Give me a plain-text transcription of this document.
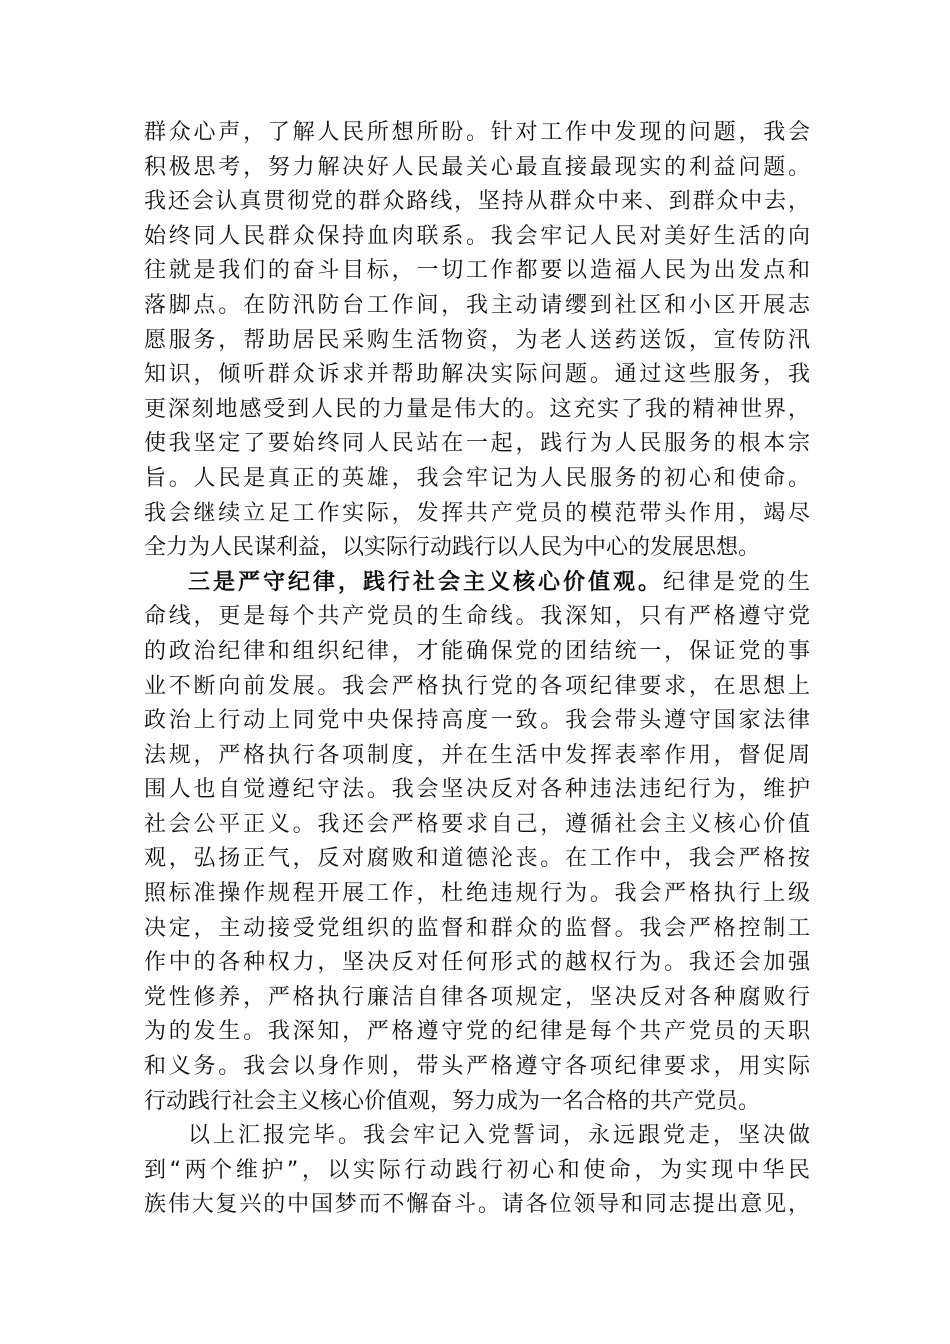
群众心声，了解人民所想所盼。针对工作中发现的问题，我会
积极思考，努力解决好人民最关心最直接最现实的利益问题。
我还会认真贯彻党的群众路线，坚持从群众中来、到群众中去，
始终同人民群众保持血肉联系。我会牢记人民对美好生活的向
往就是我们的奋斗目标，一切工作都要以造福人民为出发点和
落脚点。在防汛防台工作间，我主动请缨到社区和小区开展志
愿服务，帮助居民采购生活物资，为老人送药送饭，宣传防汛
知识，倾听群众诉求并帮助解决实际问题。通过这些服务，我
更深刻地感受到人民的力量是伟大的。这充实了我的精神世界，
使我坚定了要始终同人民站在一起，践行为人民服务的根本宗
旨。人民是真正的英雄，我会牢记为人民服务的初心和使命。
我会继续立足工作实际，发挥共产党员的模范带头作用，竭尽
全力为人民谋利益，以实际行动践行以人民为中心的发展思想。
三是严守纪律，践行社会主义核心价值观。纪律是党的生
命线，更是每个共产党员的生命线。我深知，只有严格遵守党
的政治纪律和组织纪律，才能确保党的团结统一，保证党的事
业不断向前发展。我会严格执行党的各项纪律要求，在思想上
政治上行动上同党中央保持高度一致。我会带头遵守国家法律
法规，严格执行各项制度，并在生活中发挥表率作用，督促周
围人也自觉遵纪守法。我会坚决反对各种违法违纪行为，维护
社会公平正义。我还会严格要求自己，遵循社会主义核心价值
观，弘扬正气，反对腐败和道德沦丧。在工作中，我会严格按
照标准操作规程开展工作，杜绝违规行为。我会严格执行上级
决定，主动接受党组织的监督和群众的监督。我会严格控制工
作中的各种权力，坚决反对任何形式的越权行为。我还会加强
党性修养，严格执行廉洁自律各项规定，坚决反对各种腐败行
为的发生。我深知，严格遵守党的纪律是每个共产党员的天职
和义务。我会以身作则，带头严格遵守各项纪律要求，用实际
行动践行社会主义核心价值观，努力成为一名合格的共产党员。
以上汇报完毕。我会牢记入党誓词，永远跟党走，坚决做
到“两个维护”，以实际行动践行初心和使命，为实现中华民
族伟大复兴的中国梦而不懈奋斗。请各位领导和同志提出意见，
